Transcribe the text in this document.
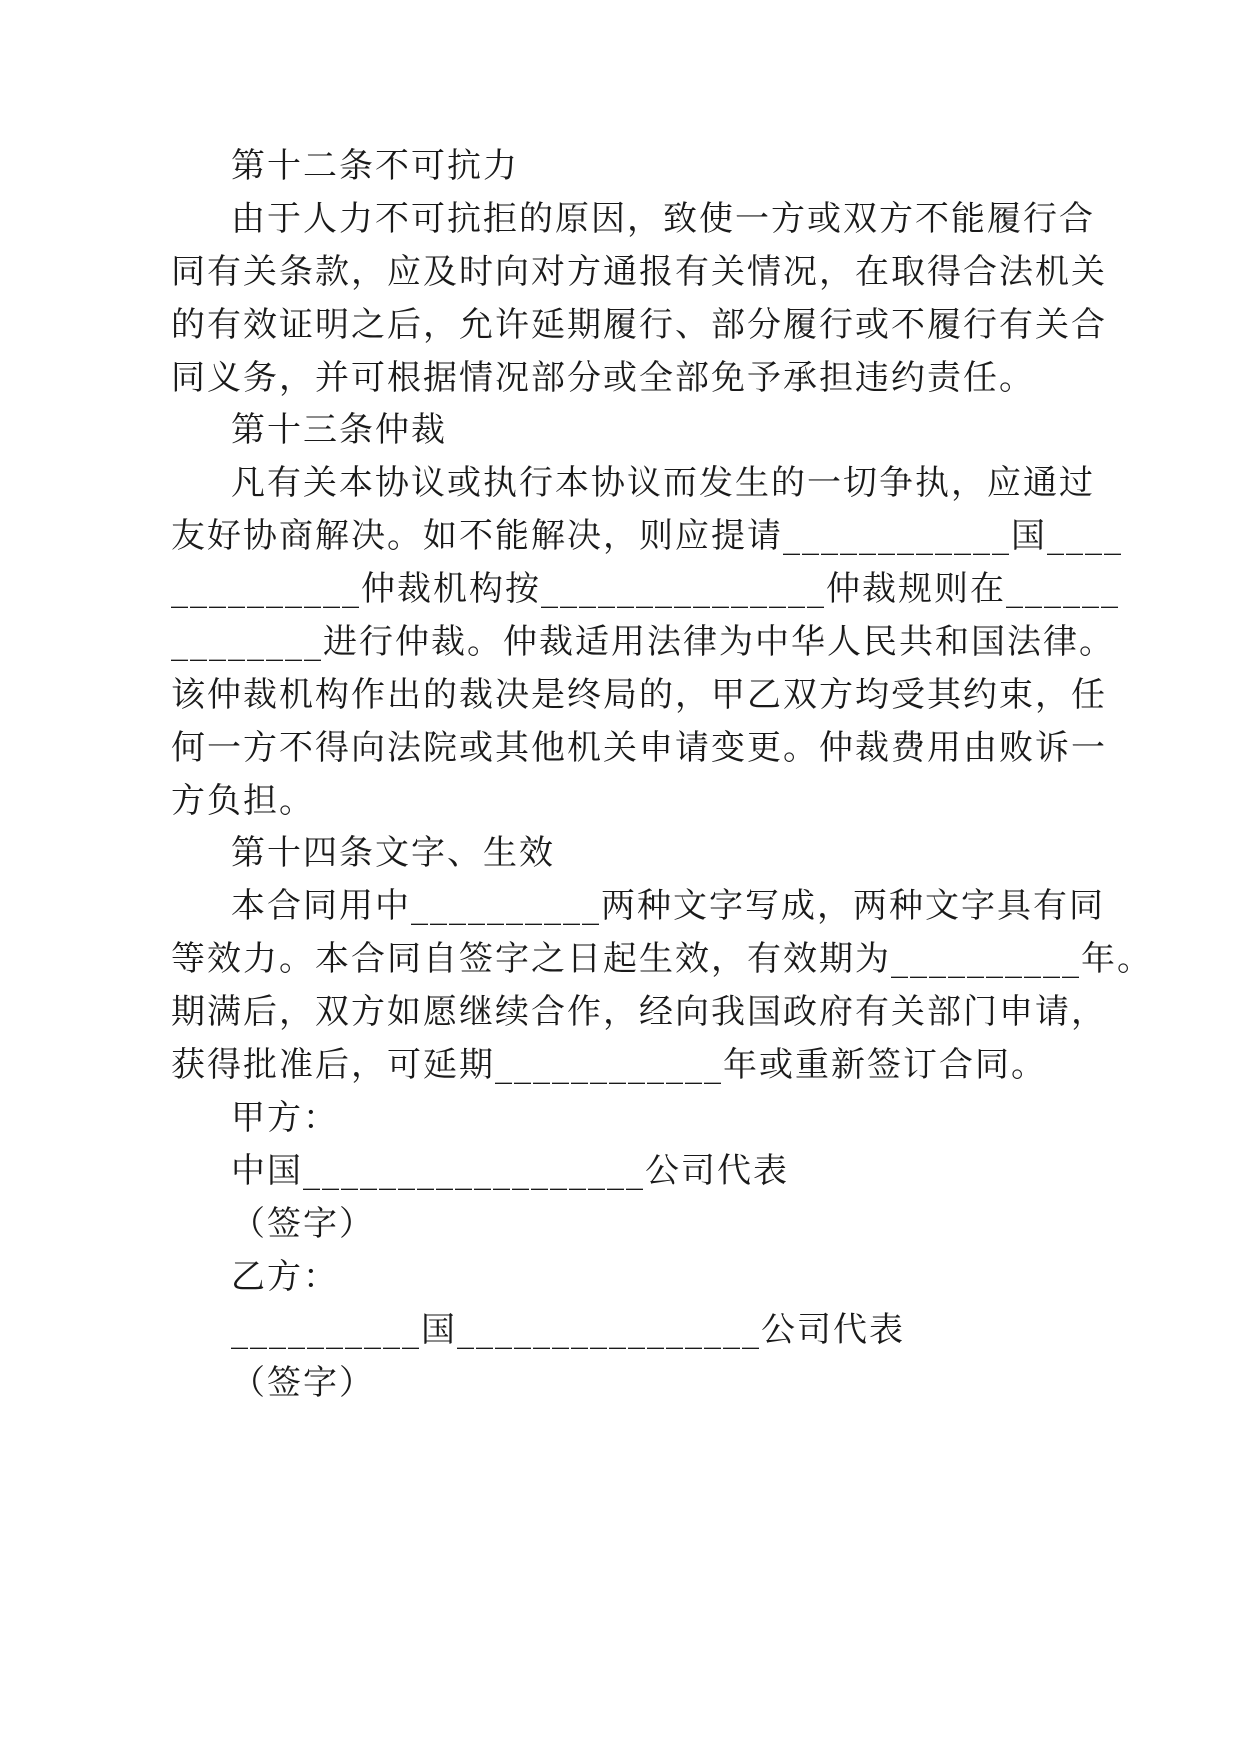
第十二条不可抗力
由于人力不可抗拒的原因，致使一方或双方不能履行合
同有关条款，应及时向对方通报有关情况，在取得合法机关
的有效证明之后，允许延期履行、部分履行或不履行有关合
同义务，并可根据情况部分或全部免予承担违约责任。
第十三条仲裁
凡有关本协议或执行本协议而发生的一切争执，应通过
友好协商解决。如不能解决，则应提请____________国____
__________仲裁机构按_______________仲裁规则在______
________进行仲裁。仲裁适用法律为中华人民共和国法律。
该仲裁机构作出的裁决是终局的，甲乙双方均受其约束，任
何一方不得向法院或其他机关申请变更。仲裁费用由败诉一
方负担。
第十四条文字、生效
本合同用中__________两种文字写成，两种文字具有同
等效力。本合同自签字之日起生效，有效期为__________年。
期满后，双方如愿继续合作，经向我国政府有关部门申请，
获得批准后，可延期____________年或重新签订合同。
甲方：
中国__________________公司代表
（签字）
乙方：
__________国________________公司代表
（签字）
